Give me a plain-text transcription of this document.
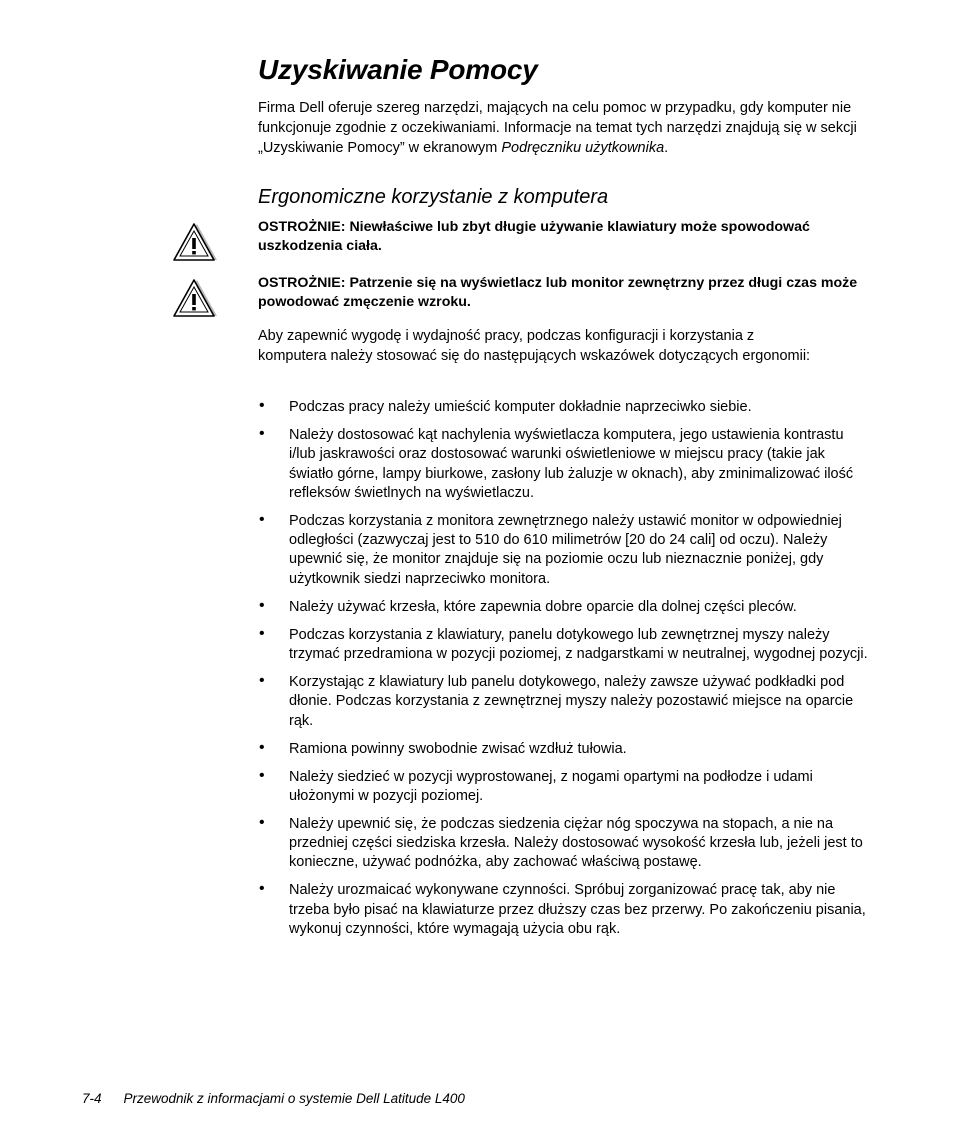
Uzyskiwanie Pomocy

Firma Dell oferuje szereg narzędzi, mających na celu pomoc w przypadku, gdy komputer nie funkcjonuje zgodnie z oczekiwaniami. Informacje na temat tych narzędzi znajdują się w sekcji „Uzyskiwanie Pomocy” w ekranowym Podręczniku użytkownika.

Ergonomiczne korzystanie z komputera

OSTROŻNIE: Niewłaściwe lub zbyt długie używanie klawiatury może spowodować uszkodzenia ciała.

OSTROŻNIE: Patrzenie się na wyświetlacz lub monitor zewnętrzny przez długi czas może powodować zmęczenie wzroku.

Aby zapewnić wygodę i wydajność pracy, podczas konfiguracji i korzystania z komputera należy stosować się do następujących wskazówek dotyczących ergonomii:

• Podczas pracy należy umieścić komputer dokładnie naprzeciwko siebie.
• Należy dostosować kąt nachylenia wyświetlacza komputera, jego ustawienia kontrastu i/lub jaskrawości oraz dostosować warunki oświetleniowe w miejscu pracy (takie jak światło górne, lampy biurkowe, zasłony lub żaluzje w oknach), aby zminimalizować ilość refleksów świetlnych na wyświetlaczu.
• Podczas korzystania z monitora zewnętrznego należy ustawić monitor w odpowiedniej odległości (zazwyczaj jest to 510 do 610 milimetrów [20 do 24 cali] od oczu). Należy upewnić się, że monitor znajduje się na poziomie oczu lub nieznacznie poniżej, gdy użytkownik siedzi naprzeciwko monitora.
• Należy używać krzesła, które zapewnia dobre oparcie dla dolnej części pleców.
• Podczas korzystania z klawiatury, panelu dotykowego lub zewnętrznej myszy należy trzymać przedramiona w pozycji poziomej, z nadgarstkami w neutralnej, wygodnej pozycji.
• Korzystając z klawiatury lub panelu dotykowego, należy zawsze używać podkładki pod dłonie. Podczas korzystania z zewnętrznej myszy należy pozostawić miejsce na oparcie rąk.
• Ramiona powinny swobodnie zwisać wzdłuż tułowia.
• Należy siedzieć w pozycji wyprostowanej, z nogami opartymi na podłodze i udami ułożonymi w pozycji poziomej.
• Należy upewnić się, że podczas siedzenia ciężar nóg spoczywa na stopach, a nie na przedniej części siedziska krzesła. Należy dostosować wysokość krzesła lub, jeżeli jest to konieczne, używać podnóżka, aby zachować właściwą postawę.
• Należy urozmaicać wykonywane czynności. Spróbuj zorganizować pracę tak, aby nie trzeba było pisać na klawiaturze przez dłuższy czas bez przerwy. Po zakończeniu pisania, wykonuj czynności, które wymagają użycia obu rąk.
7-4 Przewodnik z informacjami o systemie Dell Latitude L400
